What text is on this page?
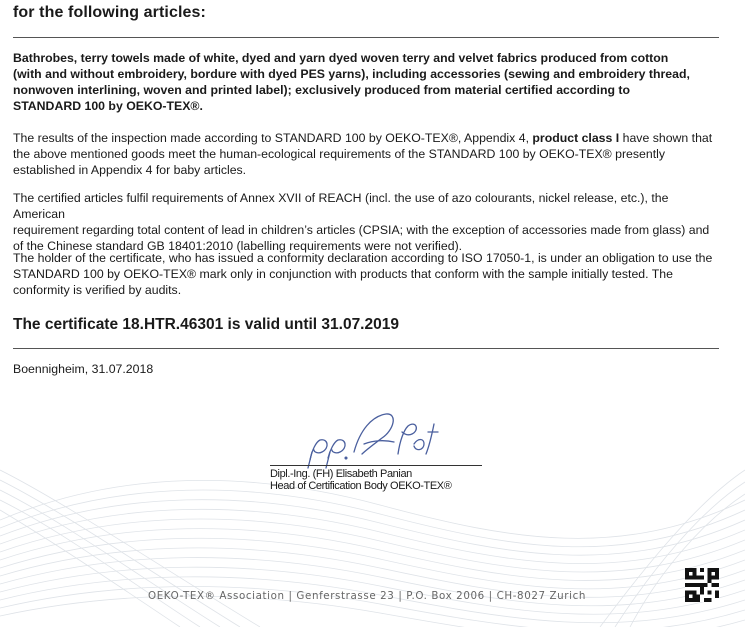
for the following articles:

Bathrobes, terry towels made of white, dyed and yarn dyed woven terry and velvet fabrics produced from cotton
(with and without embroidery, bordure with dyed PES yarns), including accessories (sewing and embroidery thread,
nonwoven interlining, woven and printed label); exclusively produced from material certified according to
STANDARD 100 by OEKO-TEX®.

The results of the inspection made according to STANDARD 100 by OEKO-TEX®, Appendix 4, product class I have shown that
the above mentioned goods meet the human-ecological requirements of the STANDARD 100 by OEKO-TEX® presently
established in Appendix 4 for baby articles.

The certified articles fulfil requirements of Annex XVII of REACH (incl. the use of azo colourants, nickel release, etc.), the American
requirement regarding total content of lead in children’s articles (CPSIA; with the exception of accessories made from glass) and
of the Chinese standard GB 18401:2010 (labelling requirements were not verified).

The holder of the certificate, who has issued a conformity declaration according to ISO 17050-1, is under an obligation to use the
STANDARD 100 by OEKO-TEX® mark only in conjunction with products that conform with the sample initially tested. The
conformity is verified by audits.

The certificate 18.HTR.46301 is valid until 31.07.2019

Boennigheim, 31.07.2018

Dipl.-Ing. (FH) Elisabeth Panian
Head of Certification Body OEKO-TEX®

OEKO-TEX® Association | Genferstrasse 23 | P.O. Box 2006 | CH-8027 Zurich
